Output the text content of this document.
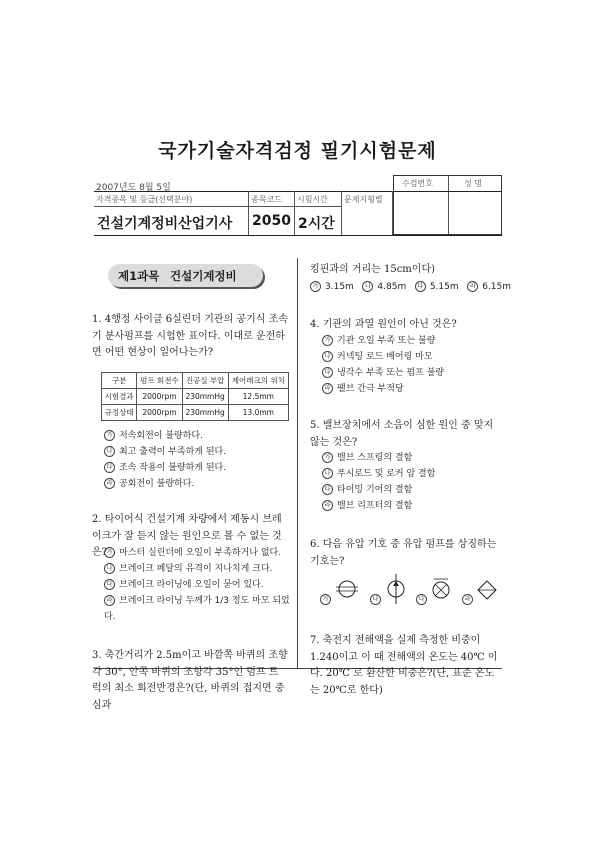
국가기술자격검정 필기시험문제
2007년도 8월 5일	수검번호	성 명
자격종목 및 등급(선택분야)
건설기계정비산업기사
종목코드
2050
시험시간
2시간
문제지형별
제1과목 건설기계정비
1. 4행정 사이클 6실린더 기관의 공기식 조속기 분사펌프를 시험한 표이다. 이대로 운전하면 어떤 현상이 일어나는가?
구분	펌프 회전수	진공실 부압	제어래크의 위치
시험결과	2000rpm	230mmHg	12.5mm
규정상태	2000rpm	230mmHg	13.0mm
가 저속회전이 불량하다.
나 최고 출력이 부족하게 된다.
다 조속 작용이 불량하게 된다.
라 공회전이 불량하다.
2. 타이어식 건설기계 차량에서 제동시 브레이크가 잘 듣지 않는 원인으로 볼 수 없는 것은? 가 마스터 실린더에 오일이 부족하거나 없다.
나 브레이크 페달의 유격이 지나치게 크다.
다 브레이크 라이닝에 오일이 묻어 있다.
라 브레이크 라이닝 두께가 1/3 정도 마모 되었다.
3. 축간거리가 2.5m이고 바깥쪽 바퀴의 조향각 30°, 안쪽 바퀴의 조향각 35°인 덤프 트럭의 최소 회전반경은?(단, 바퀴의 접지면 중심과
킹핀과의 거리는 15cm이다)
가 3.15m 나 4.85m 다 5.15m 라 6.15m
4. 기관의 과열 원인이 아닌 것은?
가 기관 오일 부족 또는 불량
나 커넥팅 로드 베어링 마모
다 냉각수 부족 또는 펌프 불량
라 팰브 간극 부적당
5. 밸브장치에서 소음이 심한 원인 중 맞지 않는 것은?
가 밸브 스프링의 결함
나 푸시로드 및 로커 암 결함
다 타이밍 기어의 결함
라 밸브 리프터의 결함
6. 다음 유압 기호 중 유압 펌프를 상징하는 기호는?
가	나	다	라
7. 축전지 전해액을 실제 측정한 비중이 1.240이고 이 때 전해액의 온도는 40℃ 이다. 20℃ 로 환산한 비중은?(단, 표준 온도는 20℃로 한다)
